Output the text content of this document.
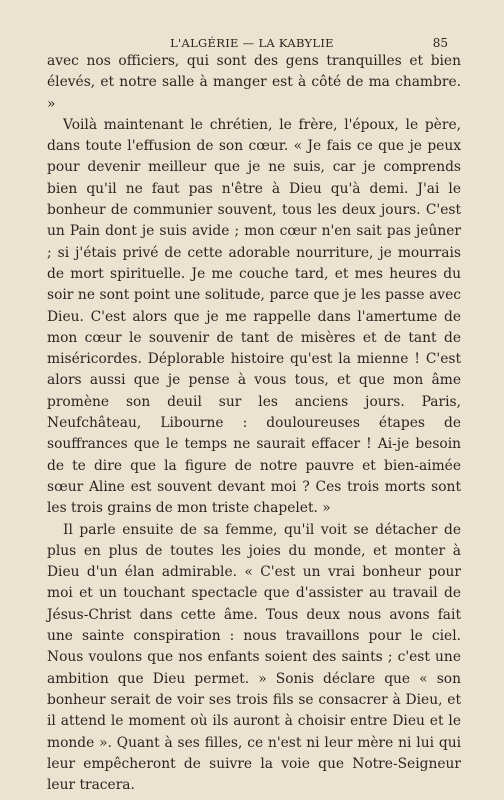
L'ALGÉRIE — LA KABYLIE	85

avec nos officiers, qui sont des gens tranquilles et bien élevés, et notre salle à manger est à côté de ma chambre. »

Voilà maintenant le chrétien, le frère, l'époux, le père, dans toute l'effusion de son cœur. « Je fais ce que je peux pour devenir meilleur que je ne suis, car je comprends bien qu'il ne faut pas n'être à Dieu qu'à demi. J'ai le bonheur de communier souvent, tous les deux jours. C'est un Pain dont je suis avide ; mon cœur n'en sait pas jeûner ; si j'étais privé de cette adorable nourriture, je mourrais de mort spirituelle. Je me couche tard, et mes heures du soir ne sont point une solitude, parce que je les passe avec Dieu. C'est alors que je me rappelle dans l'amertume de mon cœur le souvenir de tant de misères et de tant de miséricordes. Déplorable histoire qu'est la mienne ! C'est alors aussi que je pense à vous tous, et que mon âme promène son deuil sur les anciens jours. Paris, Neufchâteau, Libourne : douloureuses étapes de souffrances que le temps ne saurait effacer ! Ai-je besoin de te dire que la figure de notre pauvre et bien-aimée sœur Aline est souvent devant moi ? Ces trois morts sont les trois grains de mon triste chapelet. »

Il parle ensuite de sa femme, qu'il voit se détacher de plus en plus de toutes les joies du monde, et monter à Dieu d'un élan admirable. « C'est un vrai bonheur pour moi et un touchant spectacle que d'assister au travail de Jésus-Christ dans cette âme. Tous deux nous avons fait une sainte conspiration : nous travaillons pour le ciel. Nous voulons que nos enfants soient des saints ; c'est une ambition que Dieu permet. » Sonis déclare que « son bonheur serait de voir ses trois fils se consacrer à Dieu, et il attend le moment où ils auront à choisir entre Dieu et le monde ». Quant à ses filles, ce n'est ni leur mère ni lui qui leur empêcheront de suivre la voie que Notre-Seigneur leur tracera.
